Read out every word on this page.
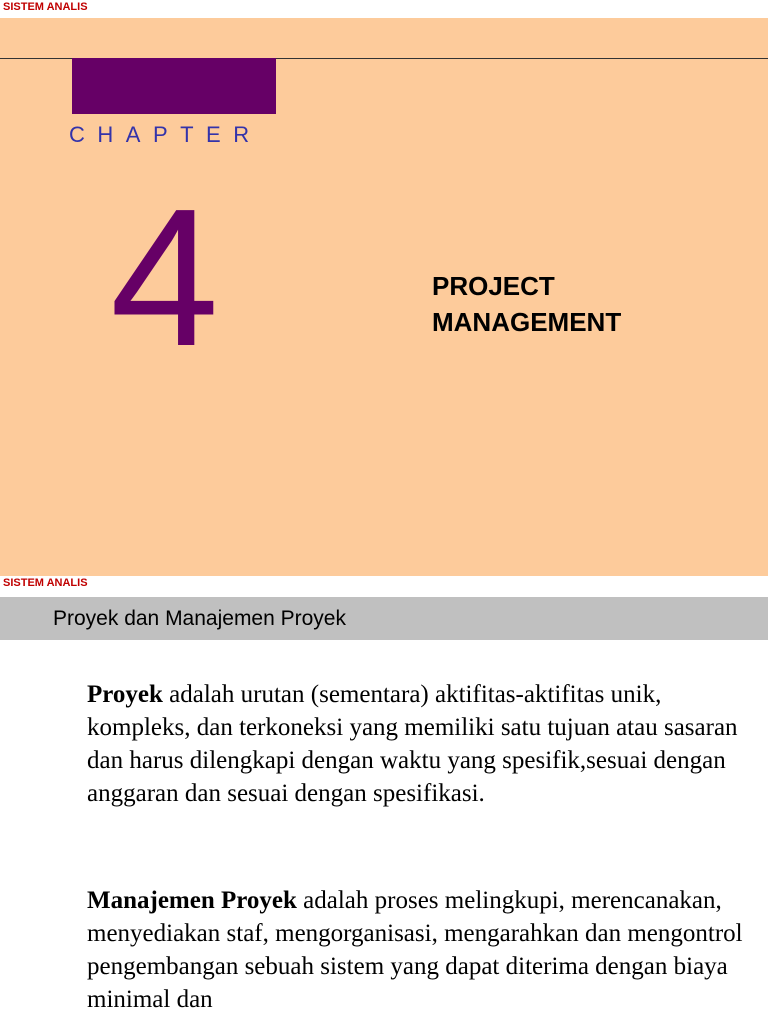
SISTEM ANALIS
CHAPTER
4	PROJECT
MANAGEMENT
SISTEM ANALIS
Proyek dan Manajemen Proyek
Proyek adalah urutan (sementara) aktifitas-aktifitas unik, kompleks, dan terkoneksi yang memiliki satu tujuan atau sasaran dan harus dilengkapi dengan waktu yang spesifik,sesuai dengan anggaran dan sesuai dengan spesifikasi.
Manajemen Proyek adalah proses melingkupi, merencanakan, menyediakan staf, mengorganisasi, mengarahkan dan mengontrol pengembangan sebuah sistem yang dapat diterima dengan biaya minimal dan
